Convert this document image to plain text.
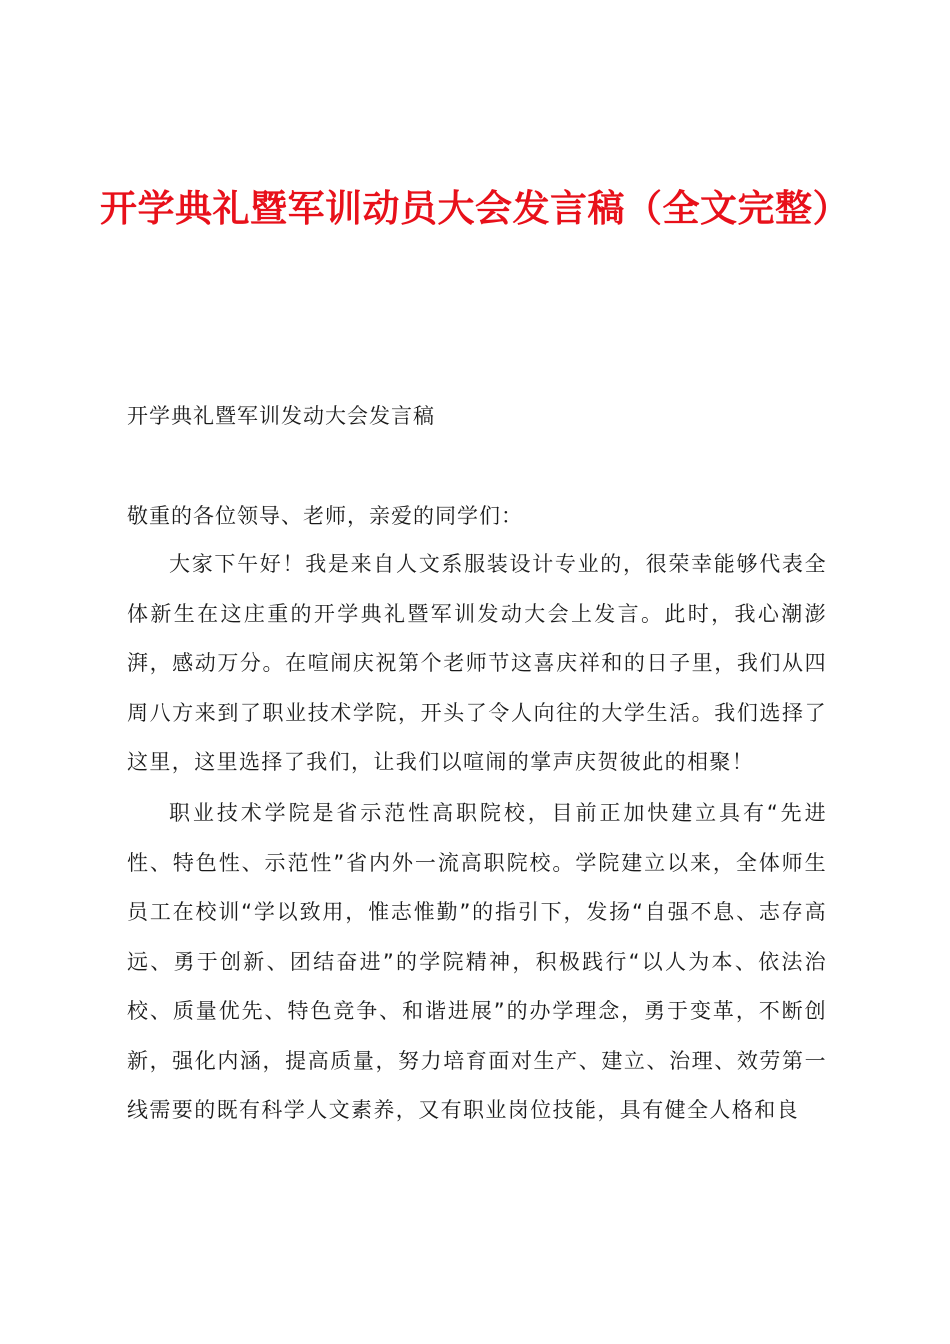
开学典礼暨军训动员大会发言稿（全文完整）

开学典礼暨军训发动大会发言稿

敬重的各位领导、老师，亲爱的同学们：

大家下午好！我是来自人文系服装设计专业的，很荣幸能够代表全体新生在这庄重的开学典礼暨军训发动大会上发言。此时，我心潮澎湃，感动万分。在喧闹庆祝第个老师节这喜庆祥和的日子里，我们从四周八方来到了职业技术学院，开头了令人向往的大学生活。我们选择了这里，这里选择了我们，让我们以喧闹的掌声庆贺彼此的相聚！

职业技术学院是省示范性高职院校，目前正加快建立具有“先进性、特色性、示范性”省内外一流高职院校。学院建立以来，全体师生员工在校训“学以致用，惟志惟勤”的指引下，发扬“自强不息、志存高远、勇于创新、团结奋进”的学院精神，积极践行“以人为本、依法治校、质量优先、特色竞争、和谐进展”的办学理念，勇于变革，不断创新，强化内涵，提高质量，努力培育面对生产、建立、治理、效劳第一线需要的既有科学人文素养，又有职业岗位技能，具有健全人格和良
